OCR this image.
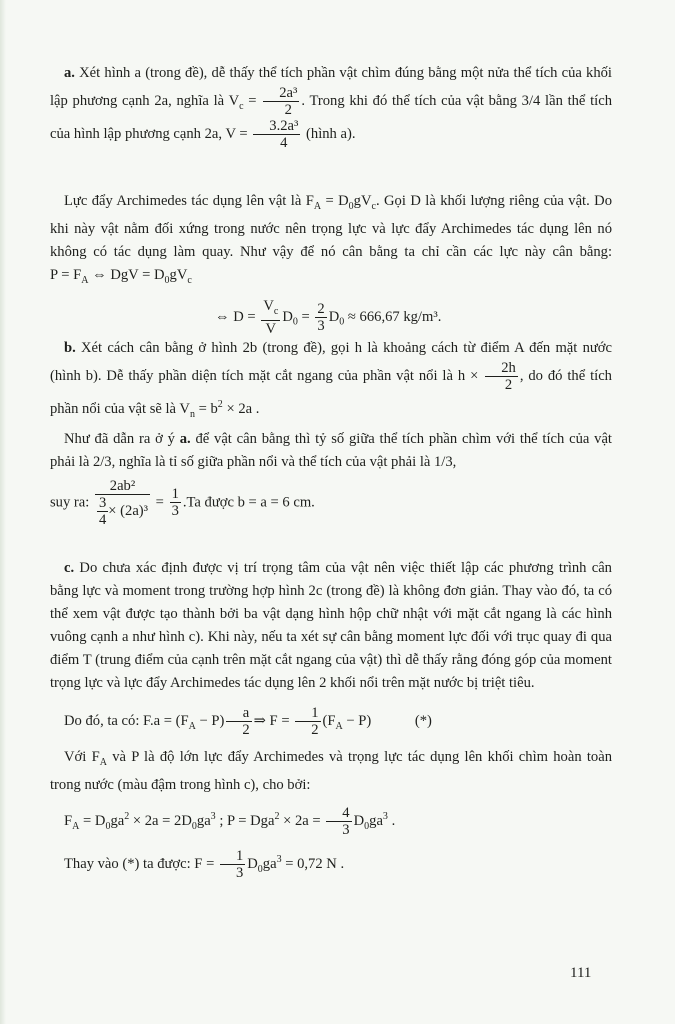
a. Xét hình a (trong đề), dễ thấy thể tích phần vật chìm đúng bằng một nửa thể tích của khối lập phương cạnh 2a, nghĩa là $V_c = \frac{\text{2a³}}{2}$ . Trong khi đó thể tích của vật bằng 3/4 lần thể tích của hình lập phương cạnh 2a, $V = \frac{\text{3.2a³}}{4}$ (hình a).

Lực đẩy Archimedes tác dụng lên vật là $F_A = D_0gV_c$. Gọi D là khối lượng riêng của vật. Do khi này vật nằm đối xứng trong nước nên trọng lực và lực đẩy Archimedes tác dụng lên nó không có tác dụng làm quay. Như vậy để nó cân bằng ta chỉ cần các lực này cân bằng: $P = F_A$ ⇔ DgV = $D_0gV_c$

⇔ $D = \frac{V_c}{V} D_0 = \frac{2}{3} D_0 \approx 666,67$ kg/m³.

b. Xét cách cân bằng ở hình 2b (trong đề), gọi h là khoảng cách từ điểm A đến mặt nước (hình b). Dễ thấy phần diện tích mặt cắt ngang của phần vật nổi là $h \times \frac{2h}{2}$ , do đó thể tích phần nổi của vật sẽ là $V_n = b^2 \times 2a$ .

Như đã dẫn ra ở ý a. để vật cân bằng thì tỷ số giữa thể tích phần chìm với thể tích của vật phải là 2/3, nghĩa là tỉ số giữa phần nổi và thể tích của vật phải là 1/3,

suy ra: $\frac{\text{2ab²}}{\frac{3}{4} \times (2a)^3} = \frac{1}{3} .Ta$ được b = a = 6 cm.

c. Do chưa xác định được vị trí trọng tâm của vật nên việc thiết lập các phương trình cân bằng lực và moment trong trường hợp hình 2c (trong đề) là không đơn giản. Thay vào đó, ta có thể xem vật được tạo thành bởi ba vật dạng hình hộp chữ nhật với mặt cắt ngang là các hình vuông cạnh a như hình c). Khi này, nếu ta xét sự cân bằng moment lực đối với trục quay đi qua điểm T (trung điểm của cạnh trên mặt cắt ngang của vật) thì dễ thấy rằng đóng góp của moment trọng lực và lực đẩy Archimedes tác dụng lên 2 khối nổi trên mặt nước bị triệt tiêu.

Do đó, ta có: $F.a = (F_A - P) \frac{a}{2}$ ⇒ $F = \frac{1}{2} (F_A - P)$	(*)

Với $F_A$ và P là độ lớn lực đẩy Archimedes và trọng lực tác dụng lên khối chìm hoàn toàn trong nước (màu đậm trong hình c), cho bởi:

$F_A = D_0ga^2 \times 2a = 2D_0ga^3$ ; $P = Dga^2 \times 2a = \frac{4}{3} D_0ga^3$ .

Thay vào (*) ta được: $F = \frac{1}{3} D_0ga^3 = 0,72$ N .

111
